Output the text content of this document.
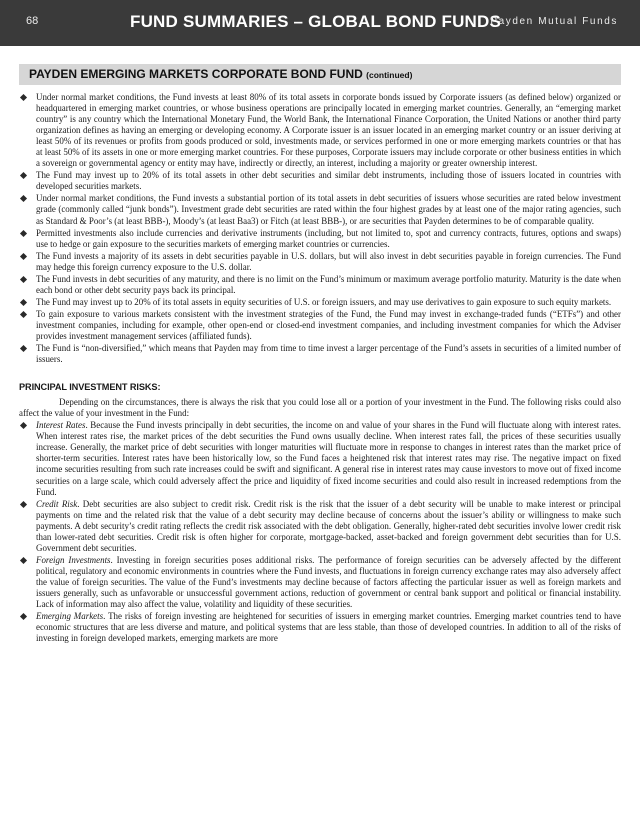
68	FUND SUMMARIES – GLOBAL BOND FUNDS
Payden Mutual Funds
PAYDEN EMERGING MARKETS CORPORATE BOND FUND (continued)
Under normal market conditions, the Fund invests at least 80% of its total assets in corporate bonds issued by Corporate issuers (as defined below) organized or headquartered in emerging market countries, or whose business operations are principally located in emerging market countries. Generally, an “emerging market country” is any country which the International Monetary Fund, the World Bank, the International Finance Corporation, the United Nations or another third party organization defines as having an emerging or developing economy. A Corporate issuer is an issuer located in an emerging market country or an issuer deriving at least 50% of its revenues or profits from goods produced or sold, investments made, or services performed in one or more emerging markets countries or that has at least 50% of its assets in one or more emerging market countries. For these purposes, Corporate issuers may include corporate or other business entities in which a sovereign or governmental agency or entity may have, indirectly or directly, an interest, including a majority or greater ownership interest.
The Fund may invest up to 20% of its total assets in other debt securities and similar debt instruments, including those of issuers located in countries with developed securities markets.
Under normal market conditions, the Fund invests a substantial portion of its total assets in debt securities of issuers whose securities are rated below investment grade (commonly called “junk bonds”). Investment grade debt securities are rated within the four highest grades by at least one of the major rating agencies, such as Standard & Poor’s (at least BBB-), Moody’s (at least Baa3) or Fitch (at least BBB-), or are securities that Payden determines to be of comparable quality.
Permitted investments also include currencies and derivative instruments (including, but not limited to, spot and currency contracts, futures, options and swaps) use to hedge or gain exposure to the securities markets of emerging market countries or currencies.
The Fund invests a majority of its assets in debt securities payable in U.S. dollars, but will also invest in debt securities payable in foreign currencies. The Fund may hedge this foreign currency exposure to the U.S. dollar.
The Fund invests in debt securities of any maturity, and there is no limit on the Fund’s minimum or maximum average portfolio maturity. Maturity is the date when each bond or other debt security pays back its principal.
The Fund may invest up to 20% of its total assets in equity securities of U.S. or foreign issuers, and may use derivatives to gain exposure to such equity markets.
To gain exposure to various markets consistent with the investment strategies of the Fund, the Fund may invest in exchange-traded funds (“ETFs”) and other investment companies, including for example, other open-end or closed-end investment companies, and including investment companies for which the Adviser provides investment management services (affiliated funds).
The Fund is “non-diversified,” which means that Payden may from time to time invest a larger percentage of the Fund’s assets in securities of a limited number of issuers.
PRINCIPAL INVESTMENT RISKS:

Depending on the circumstances, there is always the risk that you could lose all or a portion of your investment in the Fund. The following risks could also affect the value of your investment in the Fund:

Interest Rates. Because the Fund invests principally in debt securities, the income on and value of your shares in the Fund will fluctuate along with interest rates. When interest rates rise, the market prices of the debt securities the Fund owns usually decline. When interest rates fall, the prices of these securities usually increase. Generally, the market price of debt securities with longer maturities will fluctuate more in response to changes in interest rates than the market price of shorter-term securities. Interest rates have been historically low, so the Fund faces a heightened risk that interest rates may rise. The negative impact on fixed income securities resulting from such rate increases could be swift and significant. A general rise in interest rates may cause investors to move out of fixed income securities on a large scale, which could adversely affect the price and liquidity of fixed income securities and could also result in increased redemptions from the Fund.
Credit Risk. Debt securities are also subject to credit risk. Credit risk is the risk that the issuer of a debt security will be unable to make interest or principal payments on time and the related risk that the value of a debt security may decline because of concerns about the issuer’s ability or willingness to make such payments. A debt security’s credit rating reflects the credit risk associated with the debt obligation. Generally, higher-rated debt securities involve lower credit risk than lower-rated debt securities. Credit risk is often higher for corporate, mortgage-backed, asset-backed and foreign government debt securities than for U.S. Government debt securities.
Foreign Investments. Investing in foreign securities poses additional risks. The performance of foreign securities can be adversely affected by the different political, regulatory and economic environments in countries where the Fund invests, and fluctuations in foreign currency exchange rates may also adversely affect the value of foreign securities. The value of the Fund’s investments may decline because of factors affecting the particular issuer as well as foreign markets and issuers generally, such as unfavorable or unsuccessful government actions, reduction of government or central bank support and political or financial instability. Lack of information may also affect the value, volatility and liquidity of these securities.
Emerging Markets. The risks of foreign investing are heightened for securities of issuers in emerging market countries. Emerging market countries tend to have economic structures that are less diverse and mature, and political systems that are less stable, than those of developed countries. In addition to all of the risks of investing in foreign developed markets, emerging markets are more
